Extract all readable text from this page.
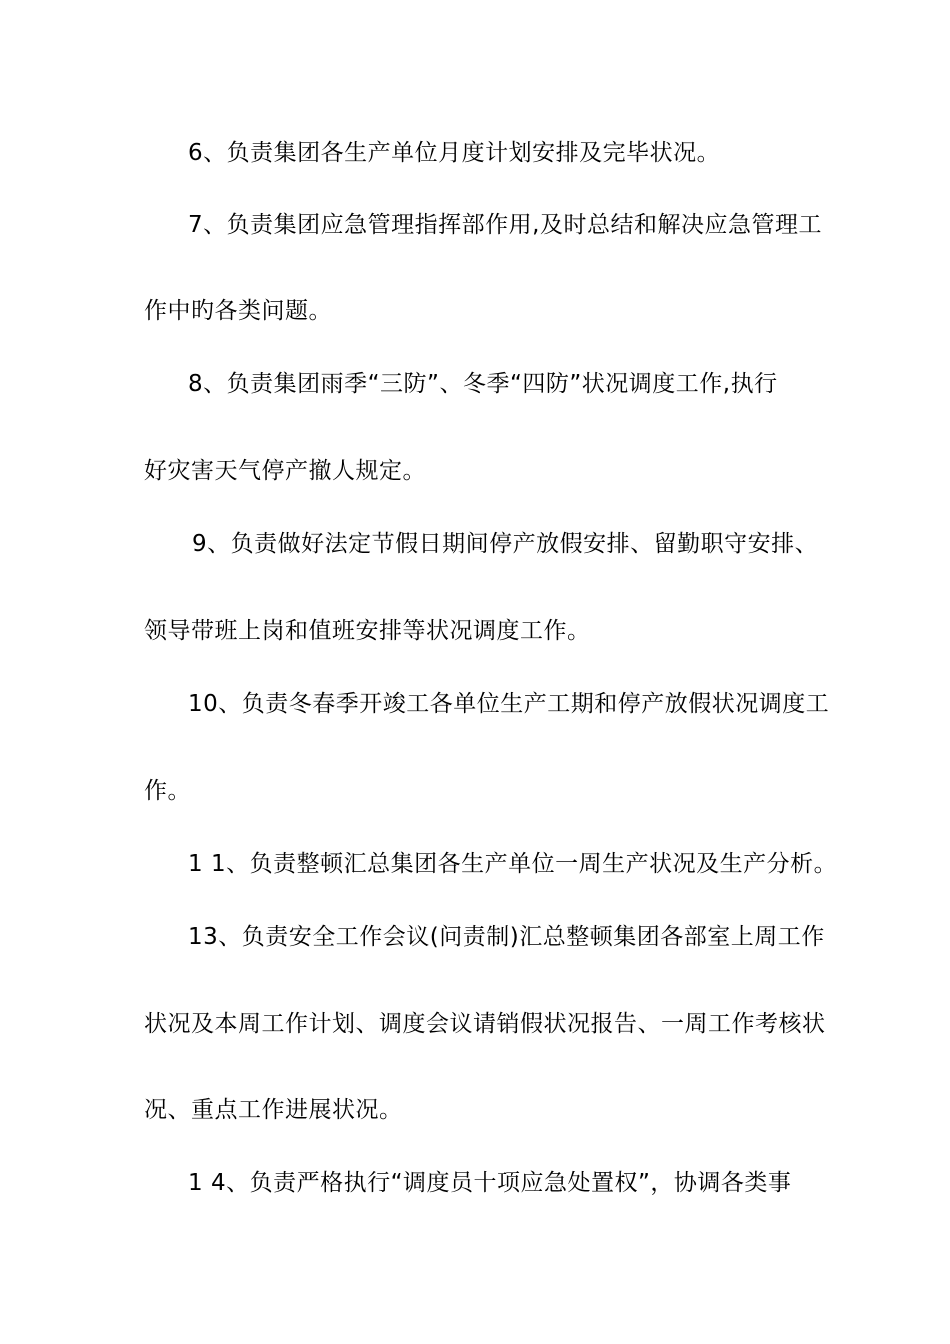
6、负责集团各生产单位月度计划安排及完毕状况。
7、负责集团应急管理指挥部作用,及时总结和解决应急管理工
作中旳各类问题。
8、负责集团雨季“三防”、冬季“四防”状况调度工作,执行
好灾害天气停产撤人规定。
9、负责做好法定节假日期间停产放假安排、留勤职守安排、
领导带班上岗和值班安排等状况调度工作。
10、负责冬春季开竣工各单位生产工期和停产放假状况调度工
作。
1 1、负责整顿汇总集团各生产单位一周生产状况及生产分析。
13、负责安全工作会议(问责制)汇总整顿集团各部室上周工作
状况及本周工作计划、调度会议请销假状况报告、一周工作考核状
况、重点工作进展状况。
1 4、负责严格执行“调度员十项应急处置权”，协调各类事
